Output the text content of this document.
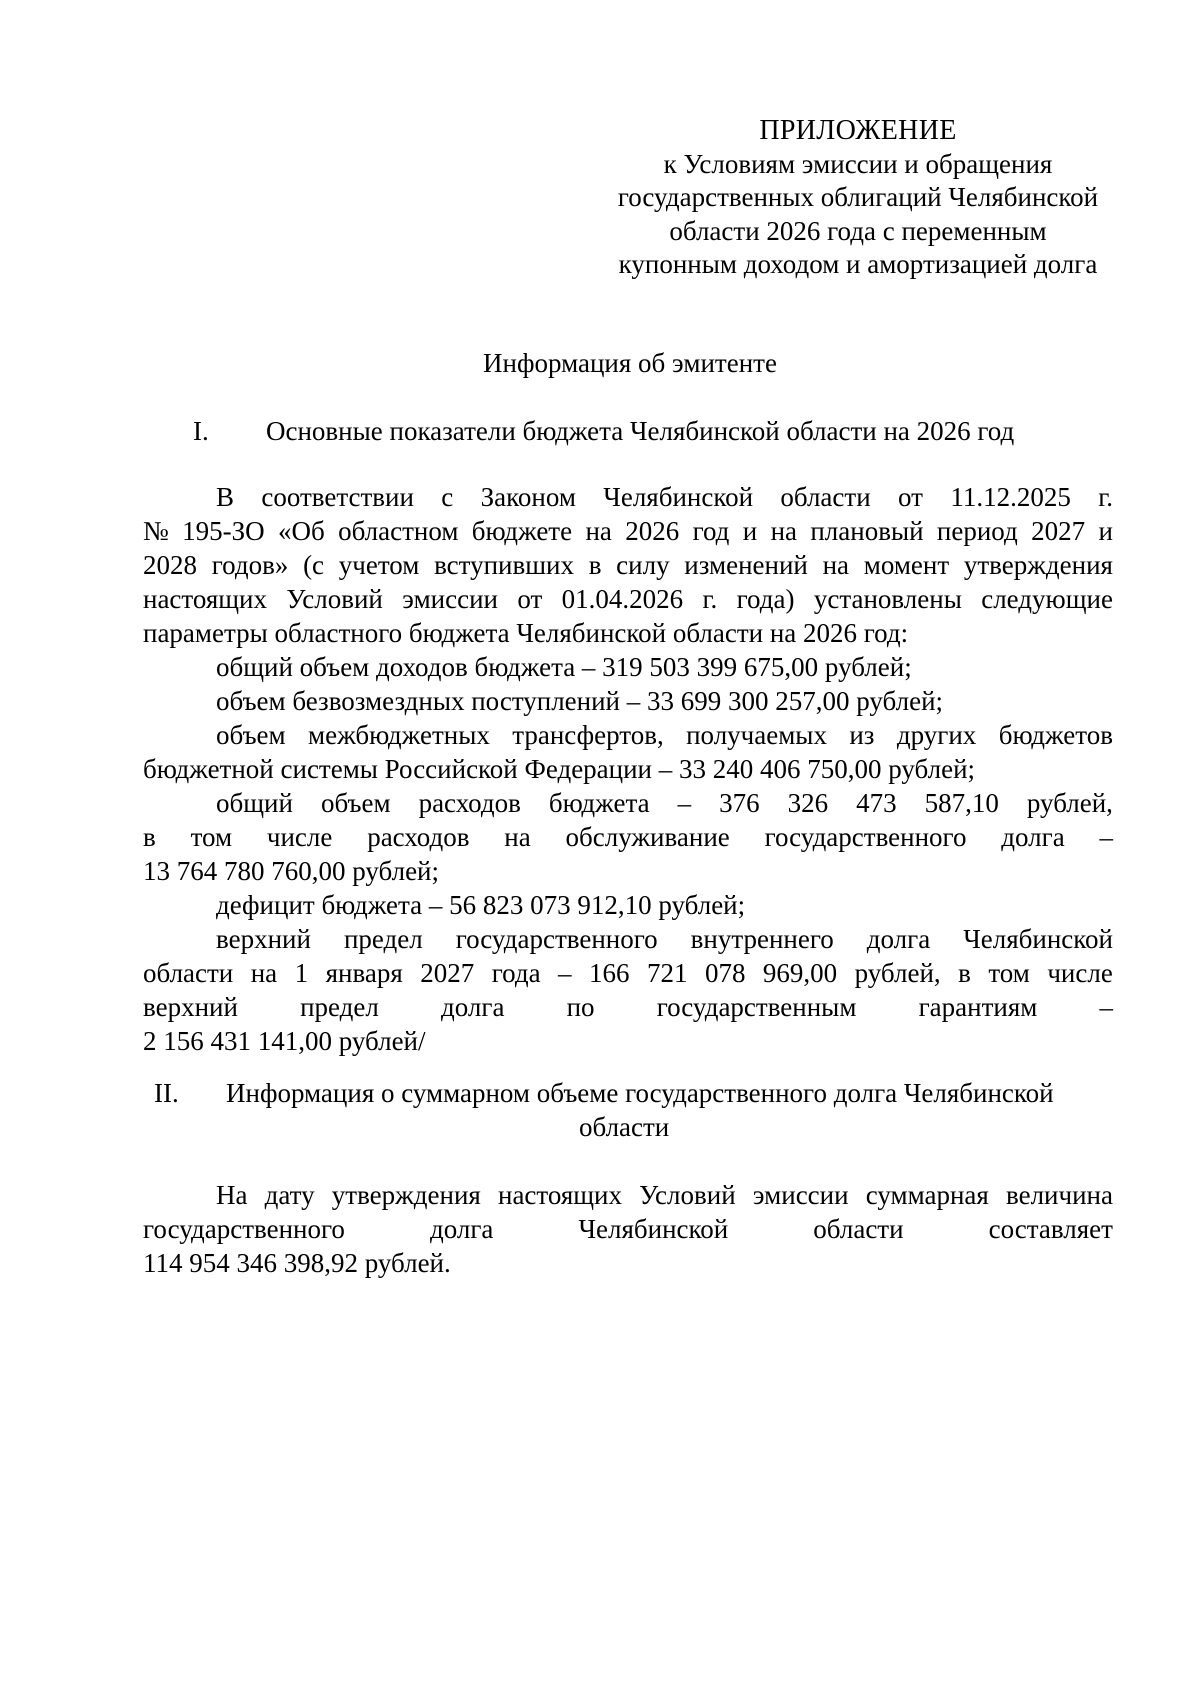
ПРИЛОЖЕНИЕ
к Условиям эмиссии и обращения
государственных облигаций Челябинской
области 2026 года с переменным
купонным доходом и амортизацией долга
Информация об эмитенте
I. Основные показатели бюджета Челябинской области на 2026 год
В соответствии с Законом Челябинской области от 11.12.2025 г.
№ 195-ЗО «Об областном бюджете на 2026 год и на плановый период 2027 и
2028 годов» (с учетом вступивших в силу изменений на момент утверждения
настоящих Условий эмиссии от 01.04.2026 г. года) установлены следующие
параметры областного бюджета Челябинской области на 2026 год:
общий объем доходов бюджета – 319 503 399 675,00 рублей;
объем безвозмездных поступлений – 33 699 300 257,00 рублей;
объем межбюджетных трансфертов, получаемых из других бюджетов
бюджетной системы Российской Федерации – 33 240 406 750,00 рублей;
общий объем расходов бюджета – 376 326 473 587,10 рублей,
в том числе расходов на обслуживание государственного долга –
13 764 780 760,00 рублей;
дефицит бюджета – 56 823 073 912,10 рублей;
верхний предел государственного внутреннего долга Челябинской
области на 1 января 2027 года – 166 721 078 969,00 рублей, в том числе
верхний предел долга по государственным гарантиям –
2 156 431 141,00 рублей/
II. Информация о суммарном объеме государственного долга Челябинской
области
На дату утверждения настоящих Условий эмиссии суммарная величина
государственного	долга	Челябинской	области	составляет
114 954 346 398,92 рублей.
